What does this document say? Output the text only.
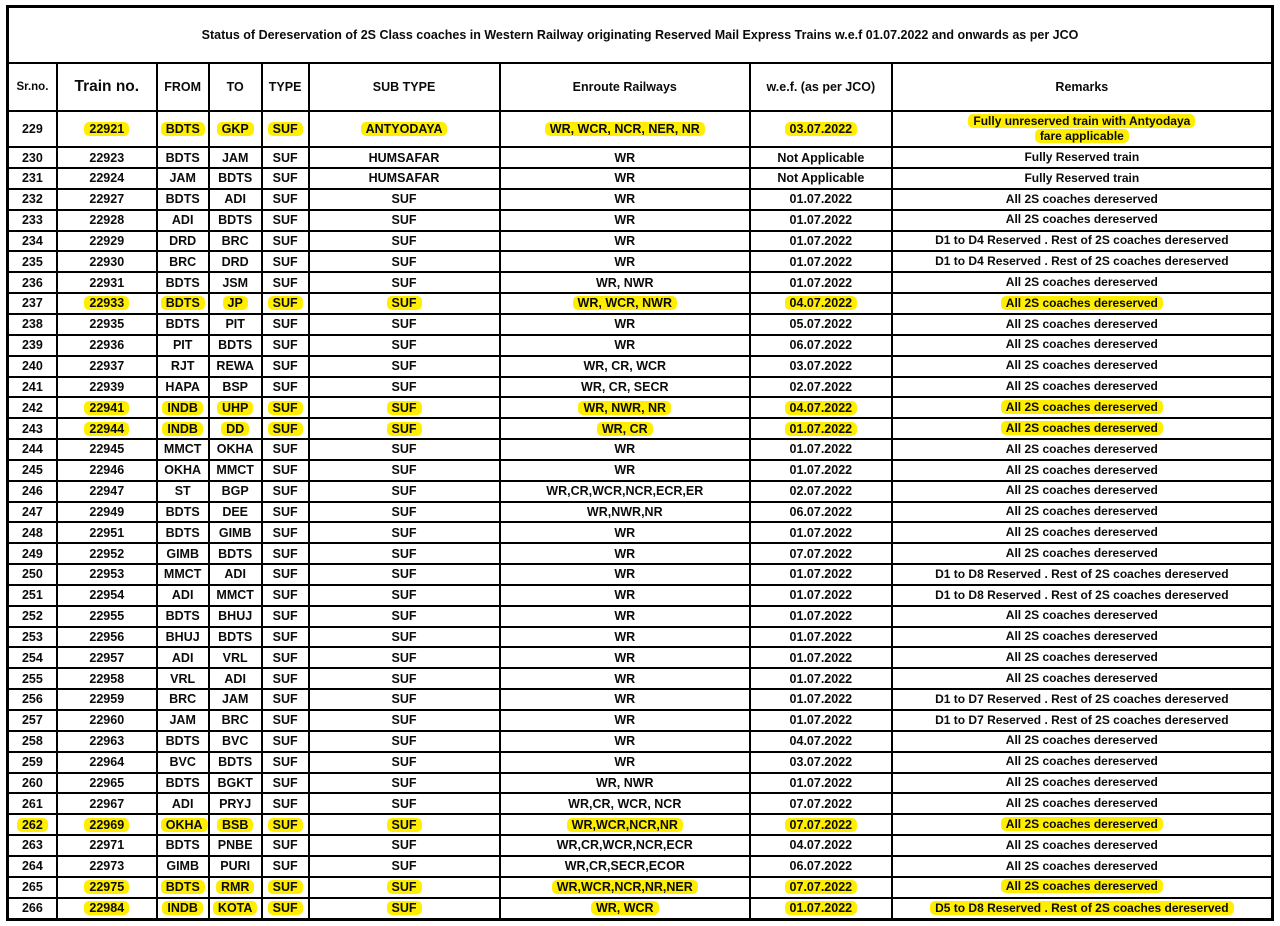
Status of Dereservation of 2S Class coaches in Western Railway originating Reserved Mail Express Trains w.e.f 01.07.2022 and onwards as per JCO								
Sr.no.	Train no.	FROM	TO	TYPE	SUB TYPE	Enroute Railways	w.e.f. (as per JCO)	Remarks
229	22921	BDTS	GKP	SUF	ANTYODAYA	WR, WCR, NCR, NER, NR	03.07.2022	Fully unreserved train with Antyodaya
fare applicable
230	22923	BDTS	JAM	SUF	HUMSAFAR	WR	Not Applicable	Fully Reserved train
231	22924	JAM	BDTS	SUF	HUMSAFAR	WR	Not Applicable	Fully Reserved train
232	22927	BDTS	ADI	SUF	SUF	WR	01.07.2022	All 2S coaches dereserved
233	22928	ADI	BDTS	SUF	SUF	WR	01.07.2022	All 2S coaches dereserved
234	22929	DRD	BRC	SUF	SUF	WR	01.07.2022	D1 to D4 Reserved . Rest of 2S coaches dereserved
235	22930	BRC	DRD	SUF	SUF	WR	01.07.2022	D1 to D4 Reserved . Rest of 2S coaches dereserved
236	22931	BDTS	JSM	SUF	SUF	WR, NWR	01.07.2022	All 2S coaches dereserved
237	22933	BDTS	JP	SUF	SUF	WR, WCR, NWR	04.07.2022	All 2S coaches dereserved
238	22935	BDTS	PIT	SUF	SUF	WR	05.07.2022	All 2S coaches dereserved
239	22936	PIT	BDTS	SUF	SUF	WR	06.07.2022	All 2S coaches dereserved
240	22937	RJT	REWA	SUF	SUF	WR, CR, WCR	03.07.2022	All 2S coaches dereserved
241	22939	HAPA	BSP	SUF	SUF	WR, CR, SECR	02.07.2022	All 2S coaches dereserved
242	22941	INDB	UHP	SUF	SUF	WR, NWR, NR	04.07.2022	All 2S coaches dereserved
243	22944	INDB	DD	SUF	SUF	WR, CR	01.07.2022	All 2S coaches dereserved
244	22945	MMCT	OKHA	SUF	SUF	WR	01.07.2022	All 2S coaches dereserved
245	22946	OKHA	MMCT	SUF	SUF	WR	01.07.2022	All 2S coaches dereserved
246	22947	ST	BGP	SUF	SUF	WR,CR,WCR,NCR,ECR,ER	02.07.2022	All 2S coaches dereserved
247	22949	BDTS	DEE	SUF	SUF	WR,NWR,NR	06.07.2022	All 2S coaches dereserved
248	22951	BDTS	GIMB	SUF	SUF	WR	01.07.2022	All 2S coaches dereserved
249	22952	GIMB	BDTS	SUF	SUF	WR	07.07.2022	All 2S coaches dereserved
250	22953	MMCT	ADI	SUF	SUF	WR	01.07.2022	D1 to D8 Reserved . Rest of 2S coaches dereserved
251	22954	ADI	MMCT	SUF	SUF	WR	01.07.2022	D1 to D8 Reserved . Rest of 2S coaches dereserved
252	22955	BDTS	BHUJ	SUF	SUF	WR	01.07.2022	All 2S coaches dereserved
253	22956	BHUJ	BDTS	SUF	SUF	WR	01.07.2022	All 2S coaches dereserved
254	22957	ADI	VRL	SUF	SUF	WR	01.07.2022	All 2S coaches dereserved
255	22958	VRL	ADI	SUF	SUF	WR	01.07.2022	All 2S coaches dereserved
256	22959	BRC	JAM	SUF	SUF	WR	01.07.2022	D1 to D7 Reserved . Rest of 2S coaches dereserved
257	22960	JAM	BRC	SUF	SUF	WR	01.07.2022	D1 to D7 Reserved . Rest of 2S coaches dereserved
258	22963	BDTS	BVC	SUF	SUF	WR	04.07.2022	All 2S coaches dereserved
259	22964	BVC	BDTS	SUF	SUF	WR	03.07.2022	All 2S coaches dereserved
260	22965	BDTS	BGKT	SUF	SUF	WR, NWR	01.07.2022	All 2S coaches dereserved
261	22967	ADI	PRYJ	SUF	SUF	WR,CR, WCR, NCR	07.07.2022	All 2S coaches dereserved
262	22969	OKHA	BSB	SUF	SUF	WR,WCR,NCR,NR	07.07.2022	All 2S coaches dereserved
263	22971	BDTS	PNBE	SUF	SUF	WR,CR,WCR,NCR,ECR	04.07.2022	All 2S coaches dereserved
264	22973	GIMB	PURI	SUF	SUF	WR,CR,SECR,ECOR	06.07.2022	All 2S coaches dereserved
265	22975	BDTS	RMR	SUF	SUF	WR,WCR,NCR,NR,NER	07.07.2022	All 2S coaches dereserved
266	22984	INDB	KOTA	SUF	SUF	WR, WCR	01.07.2022	D5 to D8 Reserved . Rest of 2S coaches dereserved
